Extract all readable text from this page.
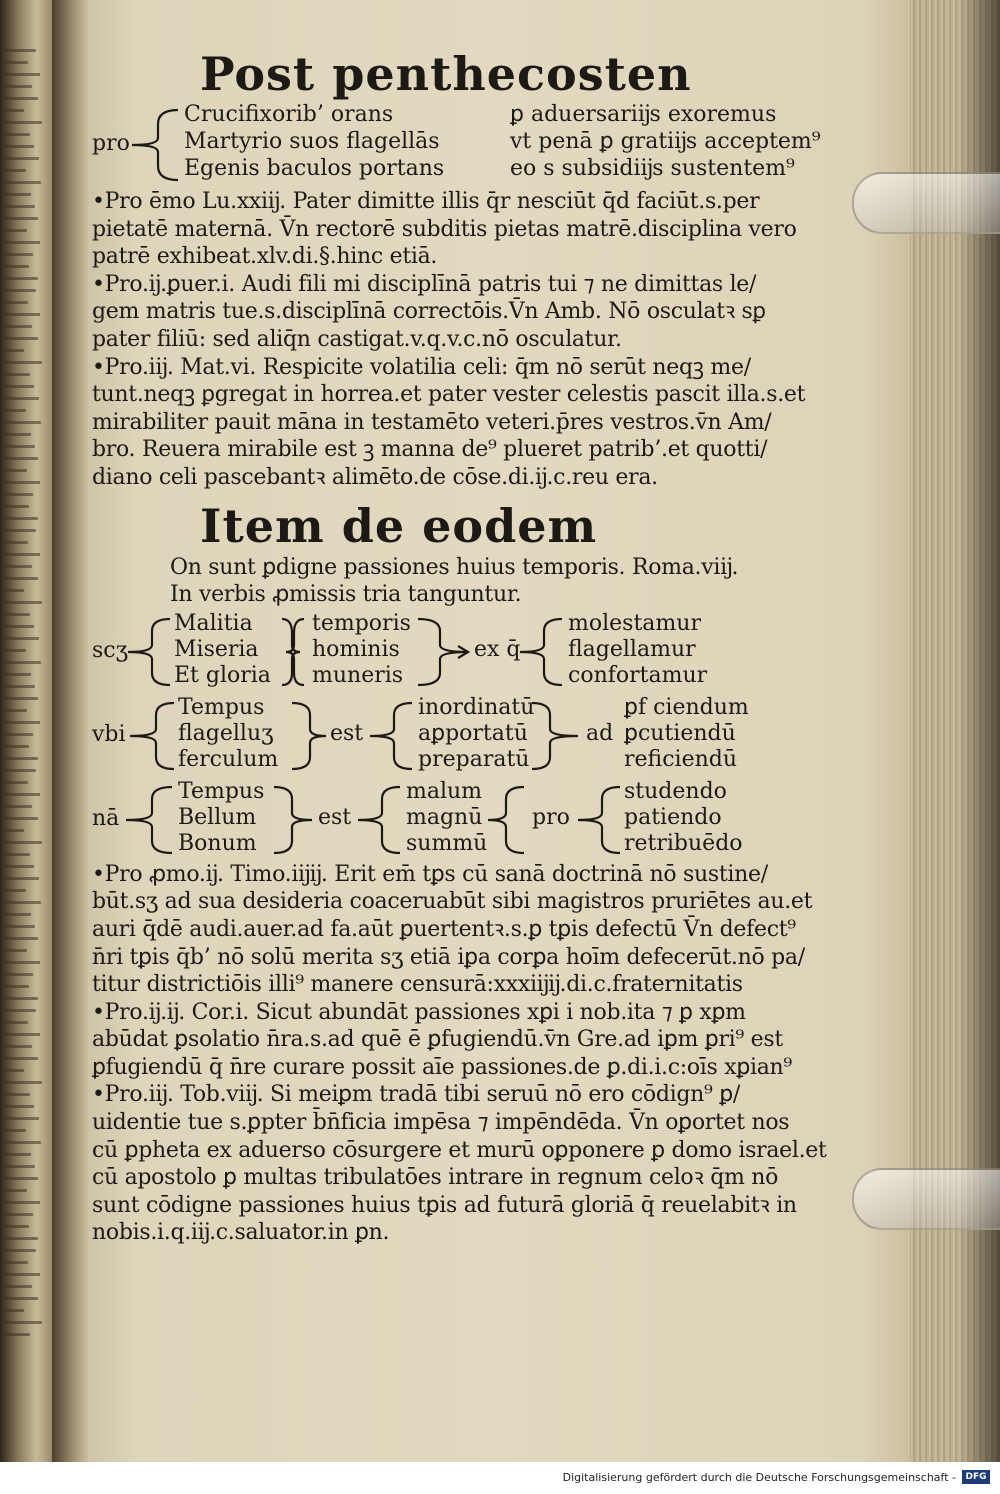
Post penthecosten
pro
Crucifixorib’ orans
Martyrio suos flagellās
Egenis baculos portans
ꝑ aduersariĳs exoremus
vt penā ꝑ gratiĳs acceptem⁹
eo s subsidiĳs sustentem⁹

•Pro ēmo Lu.xxiĳ. Pater dimitte illis q̄r nesciūt q̄d faciūt.s.per

pietatē maternā. V̄n rectorē subditis pietas matrē.disciplina vero

patrē exhibeat.xlv.di.§.hinc etiā.

•Pro.ĳ.ꝑuer.i. Audi fili mi disciplīnā patris tui ⁊ ne dimittas le/

gem matris tue.s.disciplīnā correctōis.V̄n Amb. Nō osculatꝛ sꝑ

pater filiū: sed aliq̄n castigat.v.q.v.c.nō osculatur.

•Pro.iĳ. Mat.vi. Respicite volatilia celi: q̄m nō serūt neqꝫ me/

tunt.neqꝫ ꝑgregat in horrea.et pater vester celestis pascit illa.s.et

mirabiliter pauit māna in testamēto veteri.p̄res vestros.v̄n Am/

bro. Reuera mirabile est ꝫ manna de⁹ plueret patrib’.et quotti/

diano celi pascebantꝛ alimēto.de cōse.di.ĳ.c.reu era.

Item de eodem

On sunt ꝑdigne passiones huius temporis. Roma.viĳ.

In verbis ꝓmissis tria tanguntur.

scʒ
Malitia
Miseria
Et gloria
temporis
hominis
muneris
ex q̄
molestamur
flagellamur
confortamur
vbi
Tempus
flagelluʒ
ferculum
est
inordinatū
aꝑportatū
preparatū
ad
ꝑf ciendum
ꝑcutiendū
reficiendū
nā
Tempus
Bellum
Bonum
est
malum
magnū
summū
pro
studendo
patiendo
retribuēdo

•Pro ꝓmo.ĳ. Timo.iĳĳ. Erit em̄ tꝑs cū sanā doctrinā nō sustine/

būt.sʒ ad sua desideria coaceruabūt sibi magistros pruriētes au.et

auri q̄dē audi.auer.ad fa.aūt ꝑuertentꝛ.s.ꝑ tꝑis defectū V̄n defect⁹

n̄ri tꝑis q̄b’ nō solū merita sʒ etiā iꝑa corꝑa hoīm defecerūt.nō pa/

titur districtiōis illi⁹ manere censurā:xxxiĳĳ.di.c.fraternitatis

•Pro.ĳ.ĳ. Cor.i. Sicut abundāt passiones xꝑi i nob.ita ⁊ ꝑ xꝑm

abūdat ꝑsolatio n̄ra.s.ad quē ē ꝑfugiendū.v̄n Gre.ad iꝑm ꝑri⁹ est

ꝑfugiendū q̄ n̄re curare possit aīe passiones.de ꝑ.di.i.c:oīs xꝑian⁹

•Pro.iĳ. Tob.viĳ. Si meiꝑm tradā tibi seruū nō ero cōdign⁹ ꝑ/

uidentie tue s.ꝑpter b̄n̄ficia impēsa ⁊ impēndēda. V̄n oꝑortet nos

cū ꝑpheta ex aduerso cōsurgere et murū oꝑponere ꝑ domo israel.et

cū apostolo ꝑ multas tribulatōes intrare in regnum celoꝛ q̄m nō

sunt cōdigne passiones huius tꝑis ad futurā gloriā q̄ reuelabitꝛ in

nobis.i.q.iĳ.c.saluator.in ꝑn.

Digitalisierung gefördert durch die Deutsche Forschungsgemeinschaft -	DFG
